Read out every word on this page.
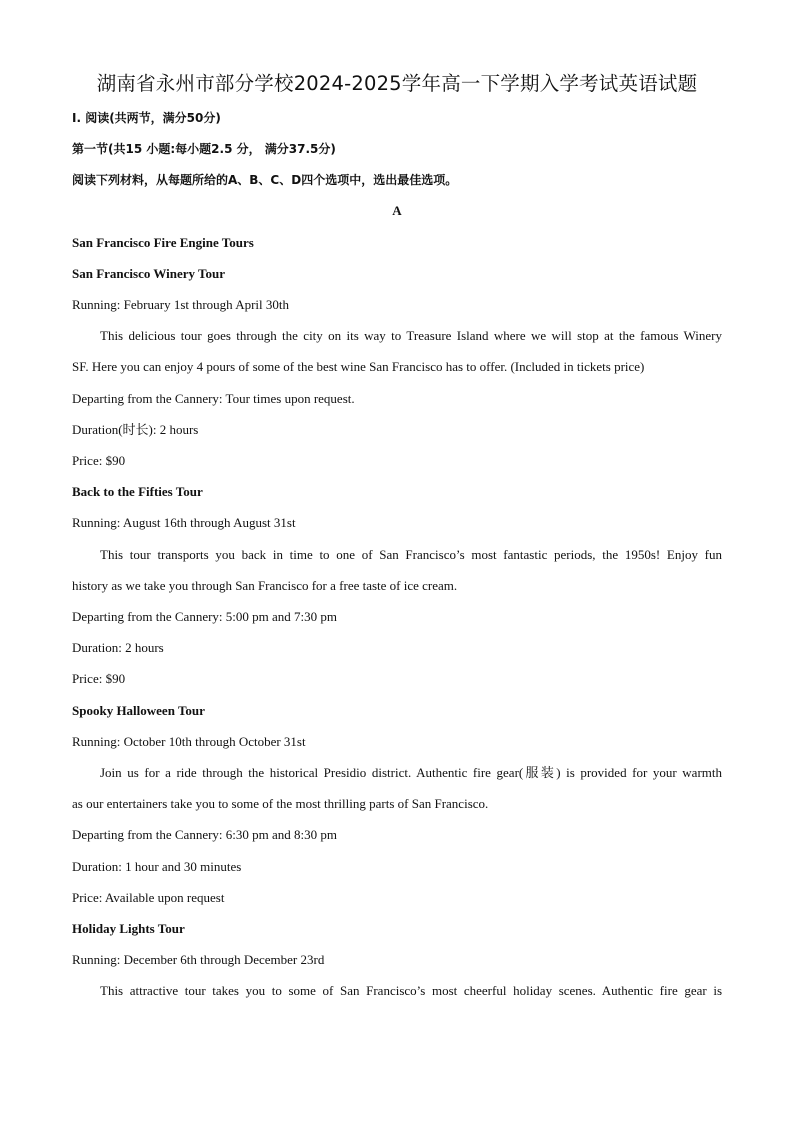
湖南省永州市部分学校2024-2025学年高一下学期入学考试英语试题
I. 阅读(共两节，满分50分)
第一节(共15 小题:每小题2.5 分， 满分37.5分)
阅读下列材料，从每题所给的A、B、C、D四个选项中，选出最佳选项。
A
San Francisco Fire Engine Tours
San Francisco Winery Tour
Running: February 1st through April 30th
This delicious tour goes through the city on its way to Treasure Island where we will stop at the famous Winery
SF. Here you can enjoy 4 pours of some of the best wine San Francisco has to offer. (Included in tickets price)
Departing from the Cannery: Tour times upon request.
Duration(时长): 2 hours
Price: $90
Back to the Fifties Tour
Running: August 16th through August 31st
This tour transports you back in time to one of San Francisco’s most fantastic periods, the 1950s! Enjoy fun
history as we take you through San Francisco for a free taste of ice cream.
Departing from the Cannery: 5:00 pm and 7:30 pm
Duration: 2 hours
Price: $90
Spooky Halloween Tour
Running: October 10th through October 31st
Join us for a ride through the historical Presidio district. Authentic fire gear(服装) is provided for your warmth
as our entertainers take you to some of the most thrilling parts of San Francisco.
Departing from the Cannery: 6:30 pm and 8:30 pm
Duration: 1 hour and 30 minutes
Price: Available upon request
Holiday Lights Tour
Running: December 6th through December 23rd
This attractive tour takes you to some of San Francisco’s most cheerful holiday scenes. Authentic fire gear is
